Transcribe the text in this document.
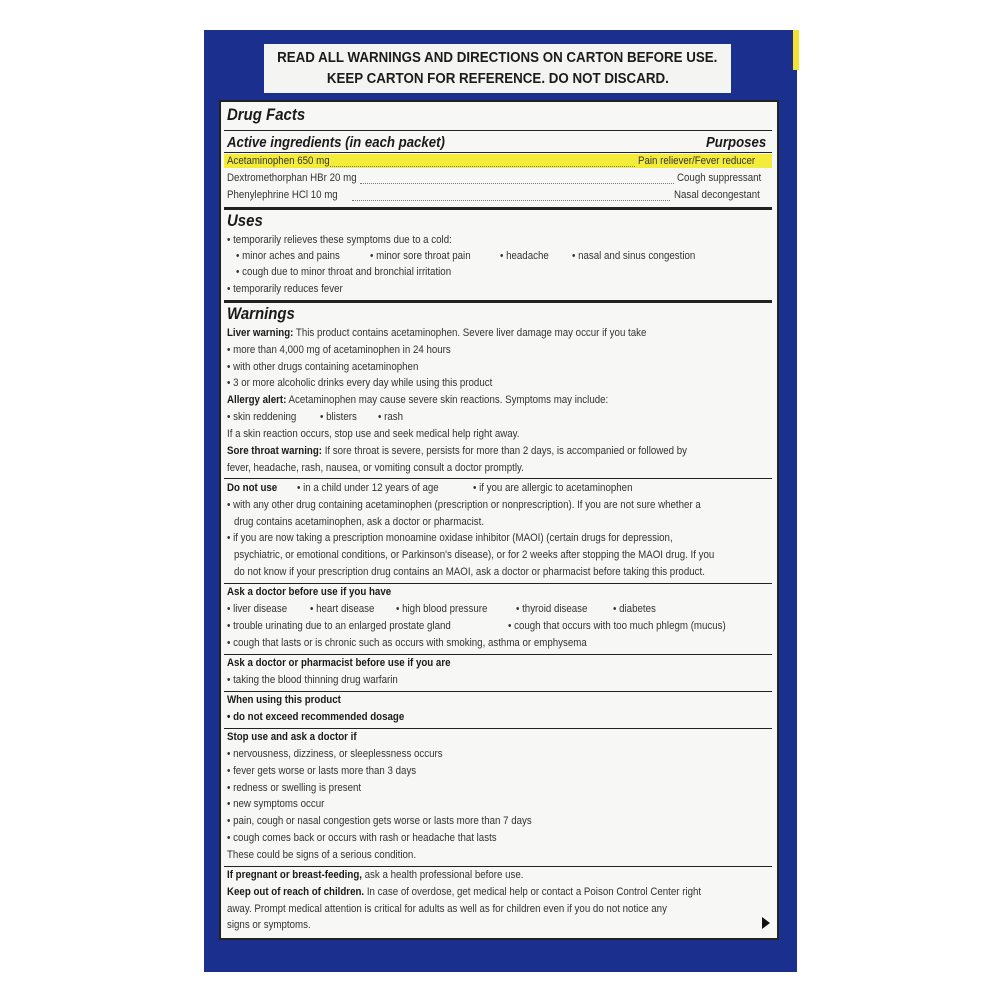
READ ALL WARNINGS AND DIRECTIONS ON CARTON BEFORE USE.
KEEP CARTON FOR REFERENCE. DO NOT DISCARD.
Drug Facts
Active ingredients (in each packet)	Purposes
Acetaminophen 650 mg	Pain reliever/Fever reducer
Dextromethorphan HBr 20 mg	Cough suppressant
Phenylephrine HCl 10 mg	Nasal decongestant
Uses
• temporarily relieves these symptoms due to a cold:
• minor aches and pains	• minor sore throat pain	• headache • nasal and sinus congestion
• cough due to minor throat and bronchial irritation
• temporarily reduces fever
Warnings
Liver warning: This product contains acetaminophen. Severe liver damage may occur if you take
• more than 4,000 mg of acetaminophen in 24 hours
• with other drugs containing acetaminophen
• 3 or more alcoholic drinks every day while using this product
Allergy alert: Acetaminophen may cause severe skin reactions. Symptoms may include:
• skin reddening • blisters • rash
If a skin reaction occurs, stop use and seek medical help right away.
Sore throat warning: If sore throat is severe, persists for more than 2 days, is accompanied or followed by
fever, headache, rash, nausea, or vomiting consult a doctor promptly.
Do not use • in a child under 12 years of age	• if you are allergic to acetaminophen
• with any other drug containing acetaminophen (prescription or nonprescription). If you are not sure whether a
drug contains acetaminophen, ask a doctor or pharmacist.
• if you are now taking a prescription monoamine oxidase inhibitor (MAOI) (certain drugs for depression,
psychiatric, or emotional conditions, or Parkinson's disease), or for 2 weeks after stopping the MAOI drug. If you
do not know if your prescription drug contains an MAOI, ask a doctor or pharmacist before taking this product.
Ask a doctor before use if you have
• liver disease • heart disease • high blood pressure	• thyroid disease • diabetes
• trouble urinating due to an enlarged prostate gland	• cough that occurs with too much phlegm (mucus)
• cough that lasts or is chronic such as occurs with smoking, asthma or emphysema
Ask a doctor or pharmacist before use if you are
• taking the blood thinning drug warfarin
When using this product
• do not exceed recommended dosage
Stop use and ask a doctor if
• nervousness, dizziness, or sleeplessness occurs
• fever gets worse or lasts more than 3 days
• redness or swelling is present
• new symptoms occur
• pain, cough or nasal congestion gets worse or lasts more than 7 days
• cough comes back or occurs with rash or headache that lasts
These could be signs of a serious condition.
If pregnant or breast-feeding, ask a health professional before use.
Keep out of reach of children. In case of overdose, get medical help or contact a Poison Control Center right
away. Prompt medical attention is critical for adults as well as for children even if you do not notice any
signs or symptoms.
